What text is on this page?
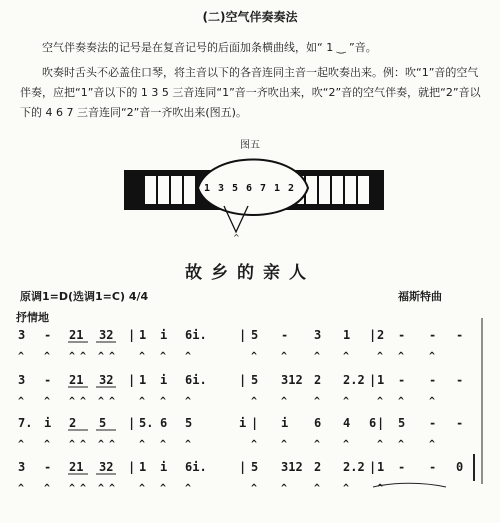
(二)空气伴奏奏法
空气伴奏奏法的记号是在复音记号的后面加条横曲线，如“ 1 ‿ ”音。
吹奏时舌头不必盖住口琴，将主音以下的各音连同主音一起吹奏出来。例：吹“1”音的空气伴奏，应把“1”音以下的 1 3 5 三音连同“1”音一齐吹出来，吹“2”音的空气伴奏，就把“2”音以下的 4 6 7 三音连同“2”音一齐吹出来(图五)。
图五
1 3 5 6 7 1 2
^
故乡的亲人
原调1=D(选调1=C) 4/4	福斯特曲
抒情地
3 - 21 32 | 1 i 6i.	| 5 - 3 1 | 2 - - -
^ ^ ^ ^ ^ ^ ^ ^ ^	^ ^	^ ^	^ ^ ^
3 - 21 32 | 1 i 6i.	| 5 312 2 2.2 | 1 - - -
^ ^ ^ ^ ^ ^ ^ ^ ^	^ ^	^ ^	^ ^ ^
7. i 2 5 | 5. 6 5	i | i 6 4 6 | 5 - -
^ ^ ^ ^ ^ ^ ^ ^ ^	^ ^	^ ^	^ ^ ^
3 - 21 32 | 1 i 6i.	| 5 312 2 2.2 | 1 - - 0
^ ^ ^ ^ ^ ^ ^ ^ ^	^ ^	^ ^	^
